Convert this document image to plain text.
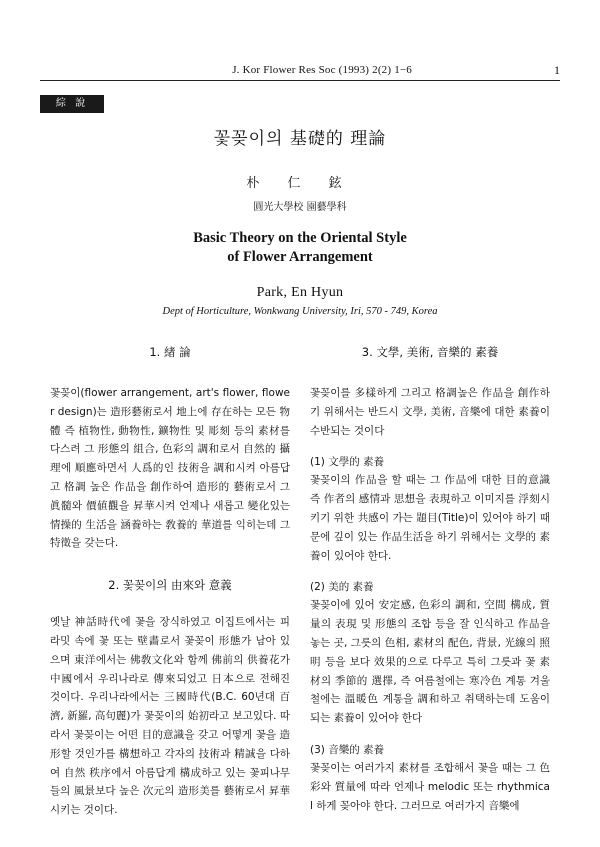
J. Kor Flower Res Soc (1993) 2(2) 1−6	1
綜 說
꽃꽂이의 基礎的 理論
朴 仁 鉉
圓光大學校 園藝學科
Basic Theory on the Oriental Style
of Flower Arrangement
Park, En Hyun
Dept of Horticulture, Wonkwang University, Iri, 570 - 749, Korea

1. 緖 論

꽃꽂이(flower arrangement, art's flower, flower design)는 造形藝術로서 地上에 存在하는 모든 物體 즉 植物性, 動物性, 鑛物性 및 彫刻 등의 素材를 다스려 그 形態의 組合, 色彩의 調和로서 自然的 攝理에 順應하면서 人爲的인 技術을 調和시켜 아름답고 格調 높은 作品을 創作하여 造形的 藝術로서 그 眞髓와 價値觀을 昇華시켜 언제나 새롭고 變化있는 情操的 生活을 涵養하는 敎養的 華道를 익히는데 그 特徵을 갖는다.

2. 꽃꽂이의 由來와 意義

옛날 神話時代에 꽃을 장식하였고 이집트에서는 피라밋 속에 꽃 또는 壁畵로서 꽃꽂이 形態가 남아 있으며 東洋에서는 佛敎文化와 함께 佛前의 供養花가 中國에서 우리나라로 傳來되었고 日本으로 전해진 것이다. 우리나라에서는 三國時代(B.C. 60년대 百濟, 新羅, 高句麗)가 꽃꽂이의 始初라고 보고있다. 따라서 꽃꽂이는 어떤 目的意識을 갖고 어떻게 꽃을 造形할 것인가를 構想하고 각자의 技術과 精誠을 다하여 自然 秩序에서 아름답게 構成하고 있는 꽃피나무들의 風景보다 높은 次元의 造形美를 藝術로서 昇華시키는 것이다.

3. 文學, 美術, 音樂的 素養

꽃꽂이를 多樣하게 그리고 格調높은 作品을 創作하기 위해서는 반드시 文學, 美術, 音樂에 대한 素養이 수반되는 것이다

(1) 文學的 素養

꽃꽂이의 作品을 할 때는 그 作品에 대한 目的意識 즉 作者의 感情과 思想을 表現하고 이미지를 浮刻시키기 위한 共感이 가는 題目(Title)이 있어야 하기 때문에 깊이 있는 作品生活을 하기 위해서는 文學的 素養이 있어야 한다.

(2) 美的 素養

꽃꽂이에 있어 安定感, 色彩의 調和, 空間 構成, 質量의 表現 및 形態의 조합 등을 잘 인식하고 作品을 놓는 곳, 그릇의 色相, 素材의 配色, 背景, 光線의 照明 등을 보다 效果的으로 다루고 특히 그릇과 꽃 素材의 季節的 選擇, 즉 여름철에는 寒冷色 계통 겨울철에는 溫暖色 계통을 調和하고 취택하는데 도움이 되는 素養이 있어야 한다

(3) 音樂的 素養

꽃꽂이는 여러가지 素材를 조합해서 꽃을 때는 그 色彩와 質量에 따라 언제나 melodic 또는 rhythmical 하게 꽂아야 한다. 그러므로 여러가지 音樂에
